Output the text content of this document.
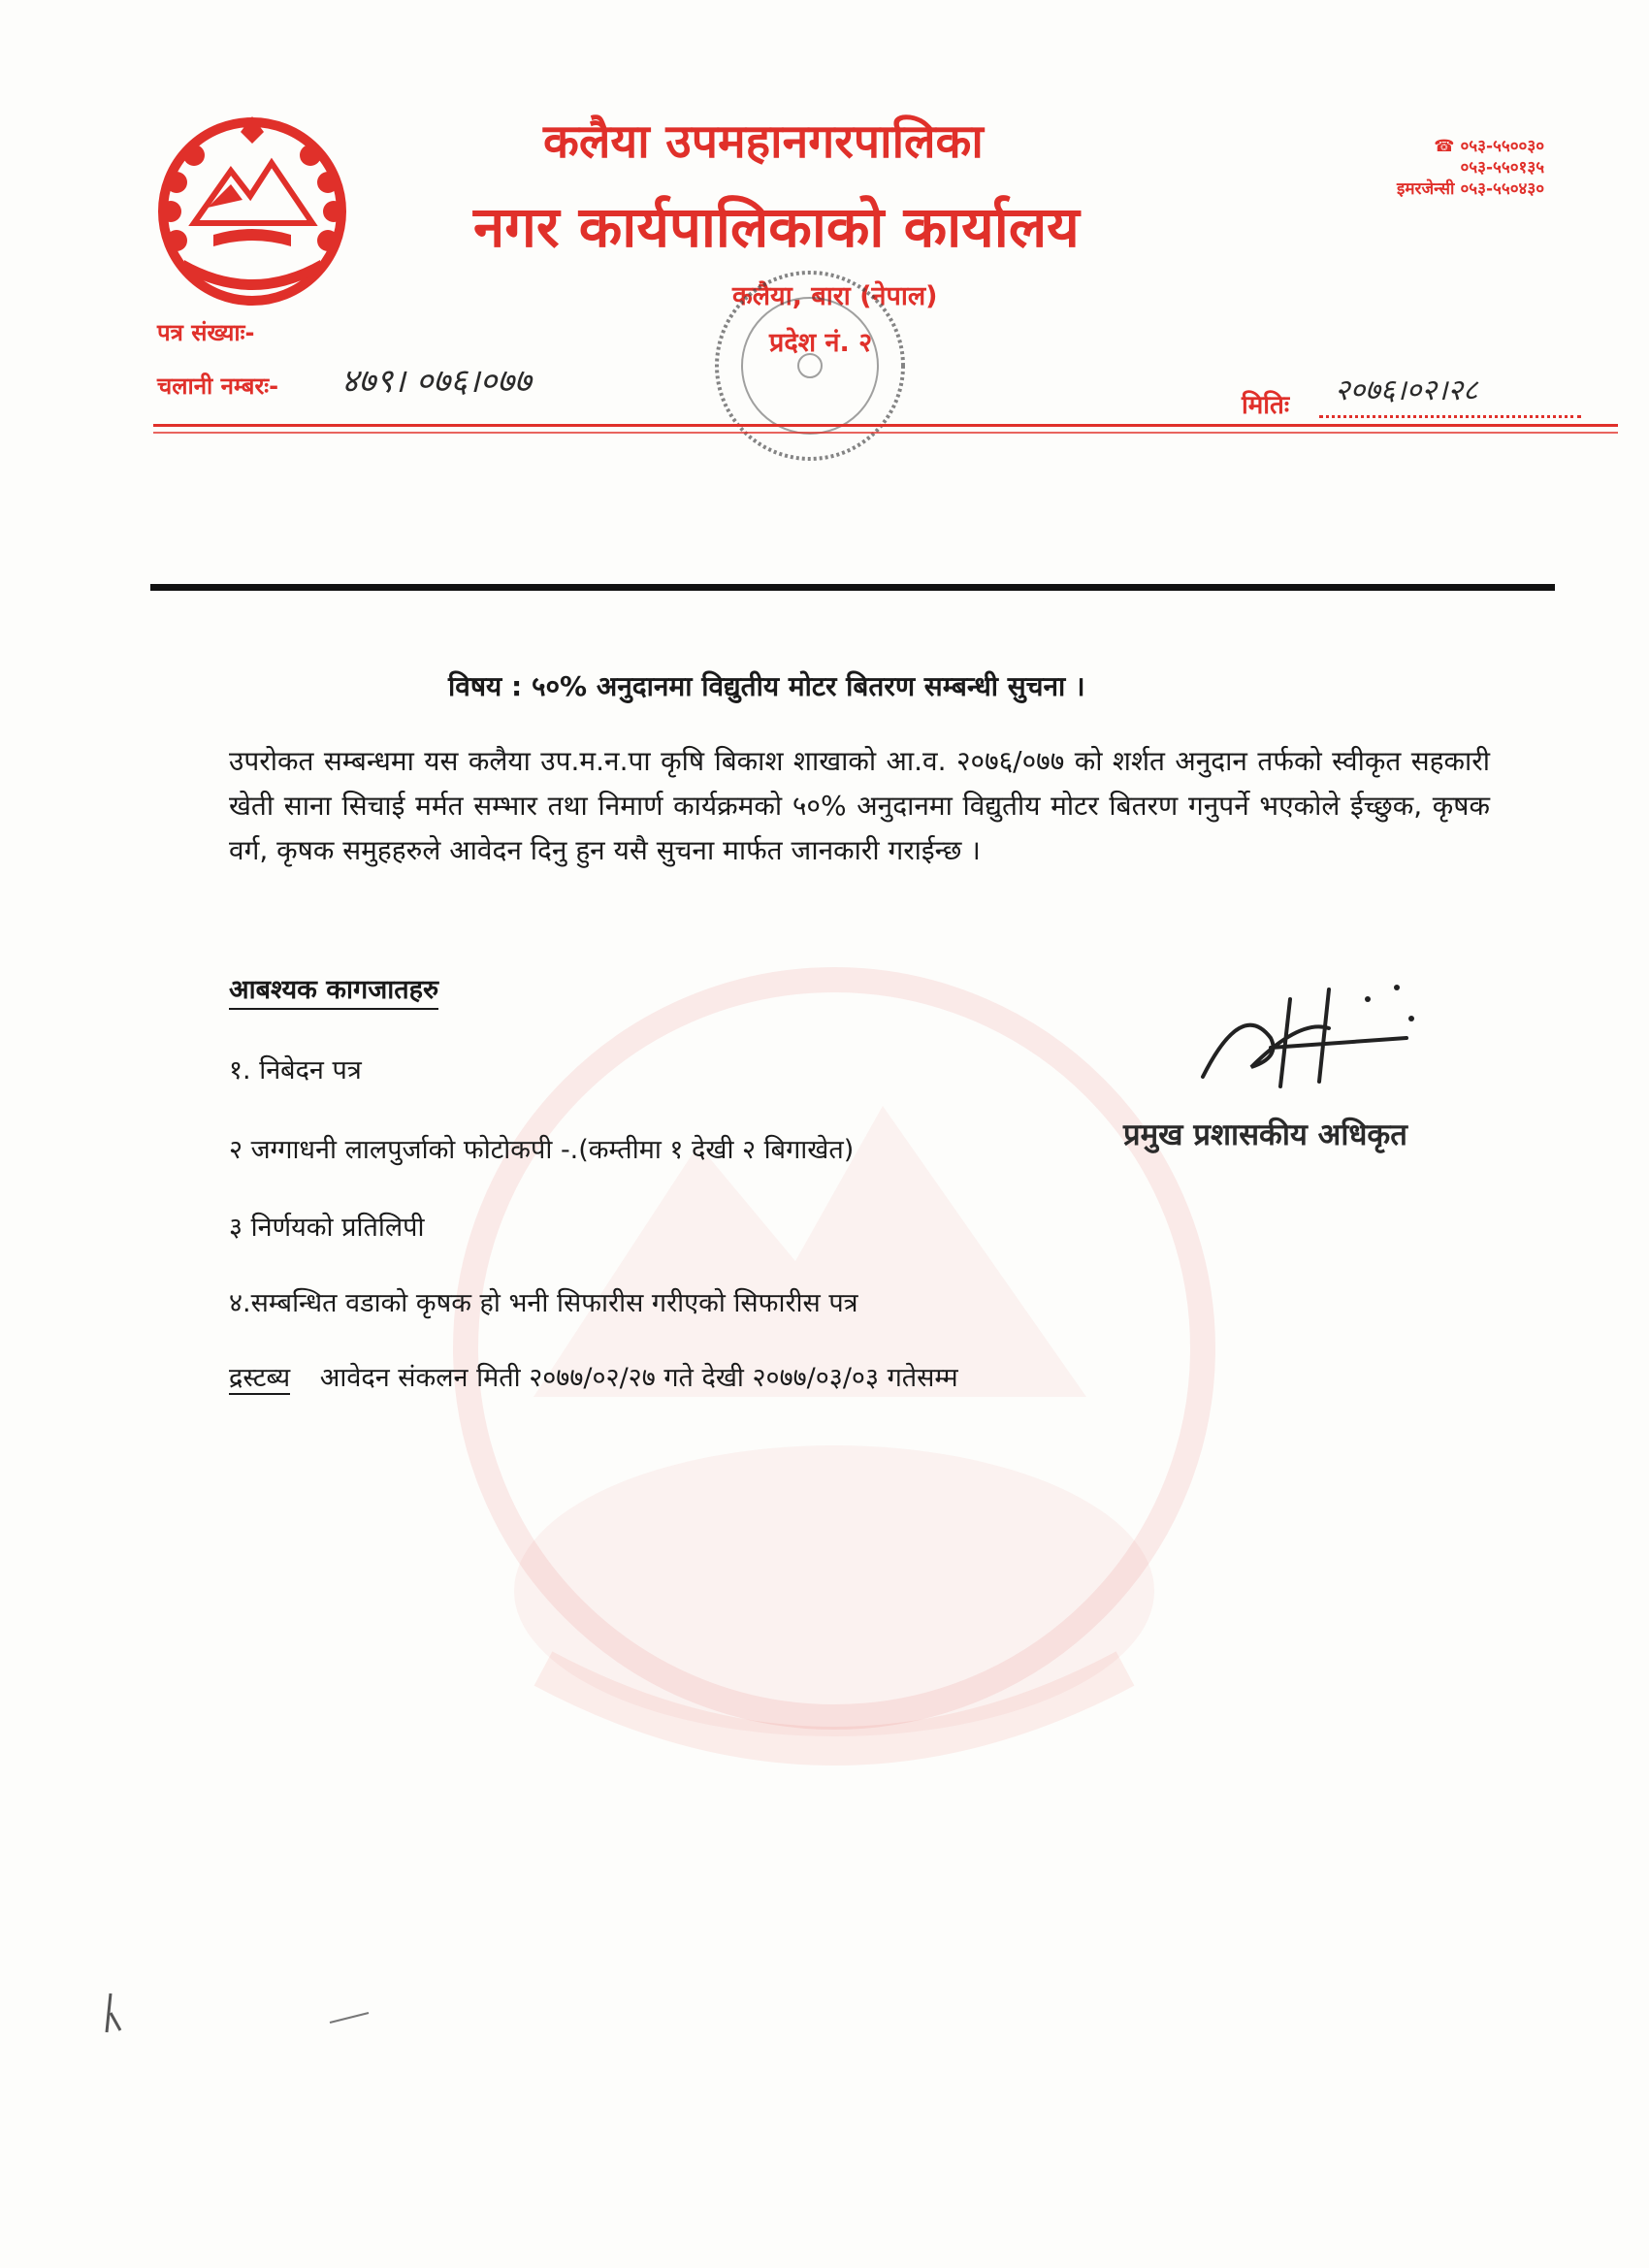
कलैया उपमहानगरपालिका
नगर कार्यपालिकाको कार्यालय
कलैया, बारा (नेपाल)
प्रदेश नं. २
☎ ०५३-५५००३०
०५३-५५०१३५
इमरजेन्सी ०५३-५५०४३०
पत्र संख्याः-
चलानी नम्बरः- ४७९। ०७६।०७७
मितिः २०७६।०२।२८
विषय : ५०% अनुदानमा विद्युतीय मोटर बितरण सम्बन्धी सुचना ।
उपरोकत सम्बन्धमा यस कलैया उप.म.न.पा कृषि बिकाश शाखाको आ.व. २०७६/०७७ को शर्शत अनुदान तर्फको स्वीकृत सहकारी खेती साना सिचाई मर्मत सम्भार तथा निमार्ण कार्यक्रमको ५०% अनुदानमा विद्युतीय मोटर बितरण गनुपर्ने भएकोले ईच्छुक, कृषक वर्ग, कृषक समुहहरुले आवेदन दिनु हुन यसै सुचना मार्फत जानकारी गराईन्छ ।
आबश्यक कागजातहरु
१. निबेदन पत्र
२ जग्गाधनी लालपुर्जाको फोटोकपी -.(कम्तीमा १ देखी २ बिगाखेत)
३ निर्णयको प्रतिलिपी
४.सम्बन्धित वडाको कृषक हो भनी सिफारीस गरीएको सिफारीस पत्र
द्रस्टब्य आवेदन संकलन मिती २०७७/०२/२७ गते देखी २०७७/०३/०३ गतेसम्म
प्रमुख प्रशासकीय अधिकृत
